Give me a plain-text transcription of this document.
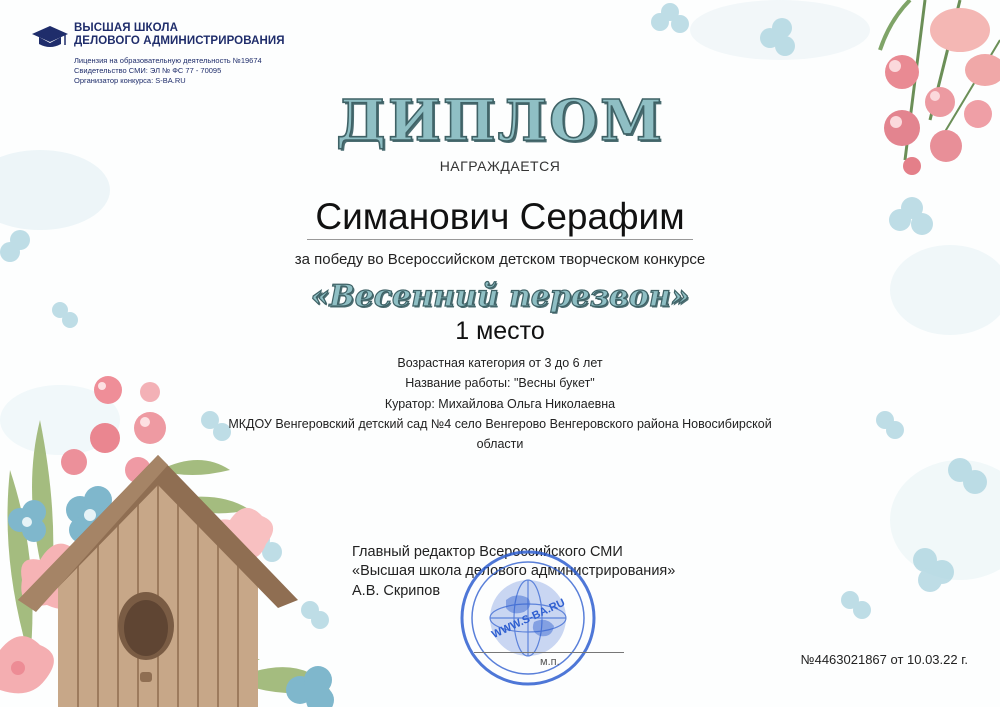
ВЫСШАЯ ШКОЛА
ДЕЛОВОГО АДМИНИСТРИРОВАНИЯ
Лицензия на образовательную деятельность №19674
Свидетельство СМИ: ЭЛ № ФС 77 - 70095
Организатор конкурса: S-BA.RU
ДИПЛОМ
НАГРАЖДАЕТСЯ
Симанович Серафим
за победу во Всероссийском детском творческом конкурсе
«Весенний перезвон»
1 место
Возрастная категория от 3 до 6 лет
Название работы: "Весны букет"
Куратор: Михайлова Ольга Николаевна
МКДОУ Венгеровский детский сад №4 село Венгерово Венгеровского района Новосибирской
области
Главный редактор Всероссийского СМИ
«Высшая школа делового администрирования»
А.В. Скрипов
WWW.S-BA.RU
м.п.	№4463021867 от 10.03.22 г.
